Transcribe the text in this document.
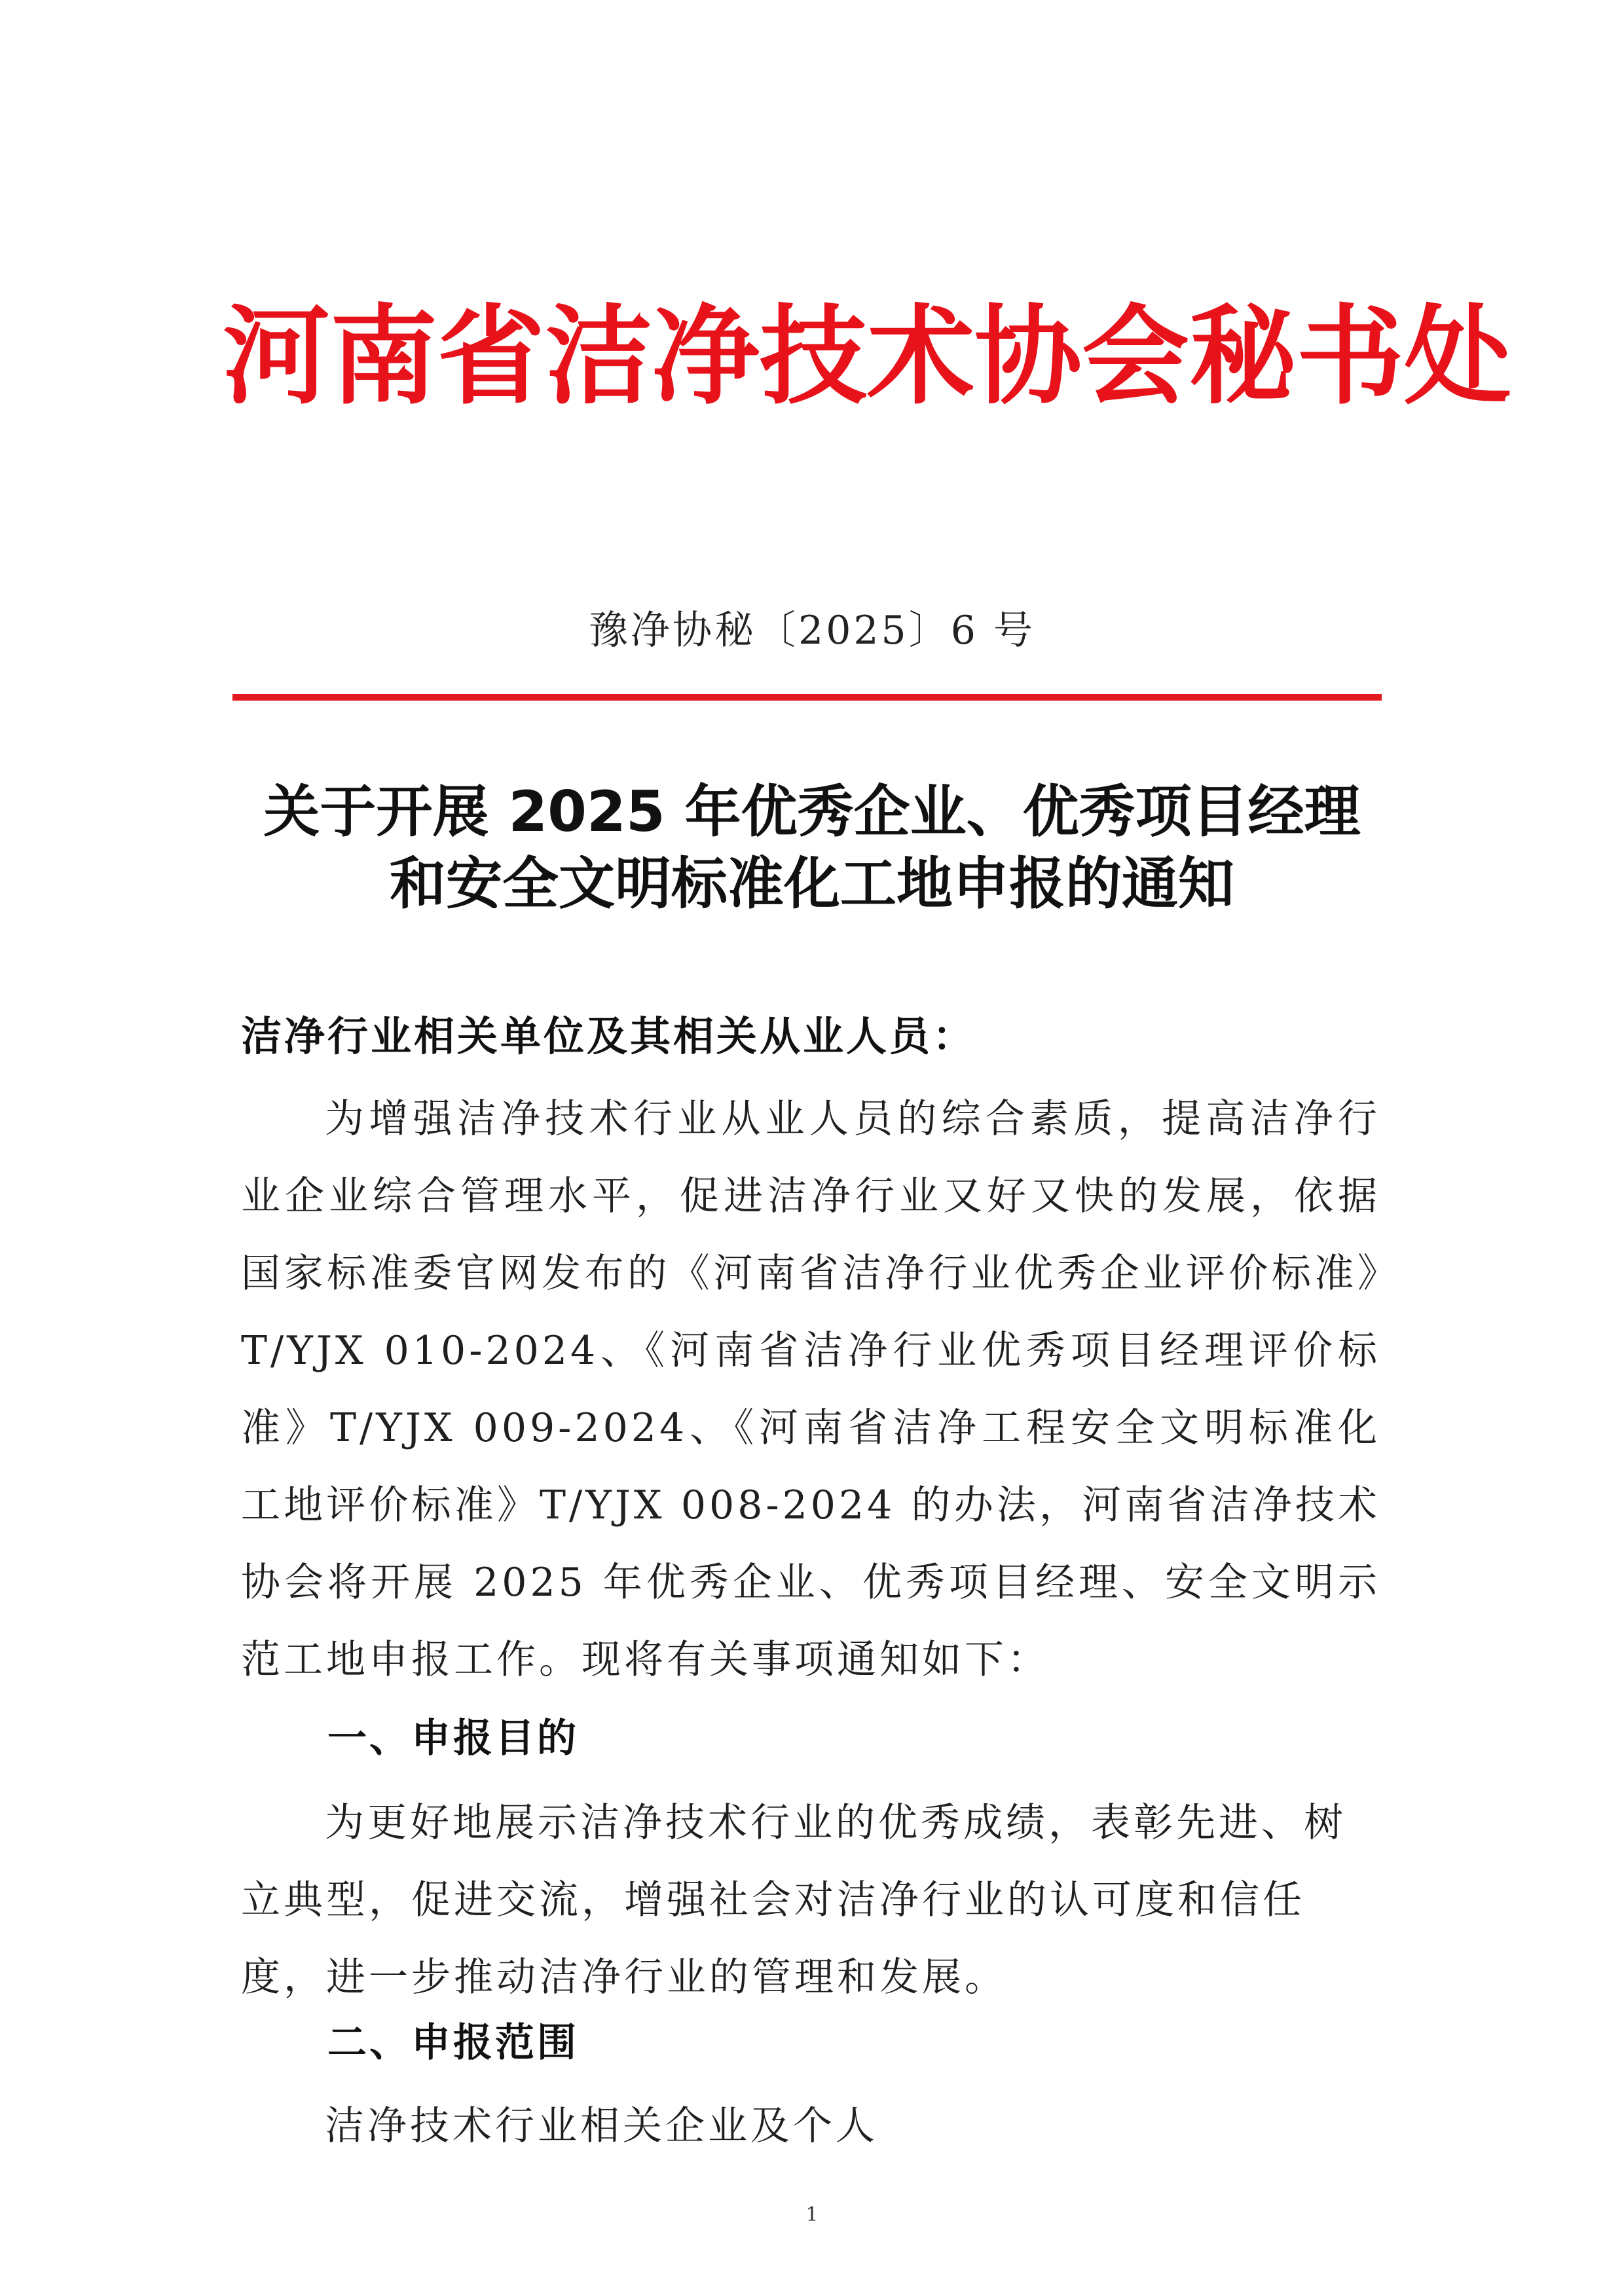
河南省洁净技术协会秘书处
豫净协秘〔2025〕6 号
关于开展 2025 年优秀企业、优秀项目经理
和安全文明标准化工地申报的通知
洁净行业相关单位及其相关从业人员：
为增强洁净技术行业从业人员的综合素质，提高洁净行业企业综合管理水平，促进洁净行业又好又快的发展，依据国家标准委官网发布的《河南省洁净行业优秀企业评价标准》T/YJX 010-2024、《河南省洁净行业优秀项目经理评价标准》T/YJX 009-2024、《河南省洁净工程安全文明标准化工地评价标准》T/YJX 008-2024 的办法，河南省洁净技术协会将开展 2025 年优秀企业、优秀项目经理、安全文明示范工地申报工作。现将有关事项通知如下：
一、申报目的
为更好地展示洁净技术行业的优秀成绩，表彰先进、树立典型，促进交流，增强社会对洁净行业的认可度和信任度，进一步推动洁净行业的管理和发展。
二、申报范围
洁净技术行业相关企业及个人
1
